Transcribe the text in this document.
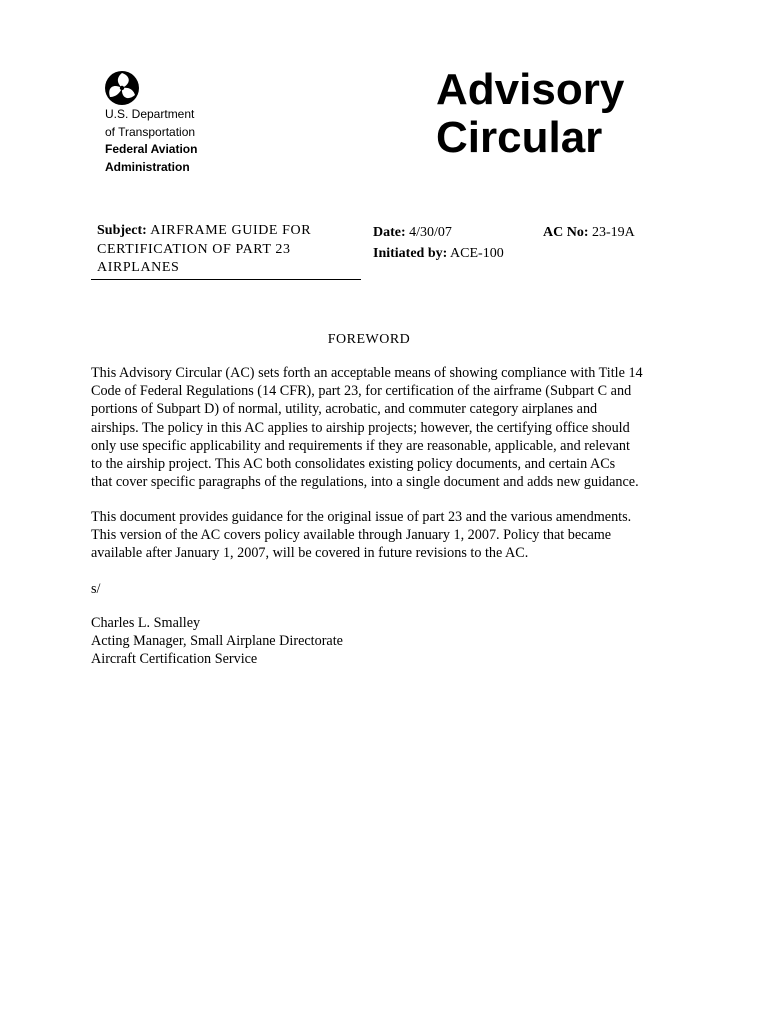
U.S. Department
of Transportation
Federal Aviation
Administration
Advisory
Circular
Subject: AIRFRAME GUIDE FOR
CERTIFICATION OF PART 23
AIRPLANES
Date: 4/30/07
Initiated by: ACE-100
AC No: 23-19A
FOREWORD
This Advisory Circular (AC) sets forth an acceptable means of showing compliance with Title 14
Code of Federal Regulations (14 CFR), part 23, for certification of the airframe (Subpart C and
portions of Subpart D) of normal, utility, acrobatic, and commuter category airplanes and
airships. The policy in this AC applies to airship projects; however, the certifying office should
only use specific applicability and requirements if they are reasonable, applicable, and relevant
to the airship project. This AC both consolidates existing policy documents, and certain ACs
that cover specific paragraphs of the regulations, into a single document and adds new guidance.
This document provides guidance for the original issue of part 23 and the various amendments.
This version of the AC covers policy available through January 1, 2007. Policy that became
available after January 1, 2007, will be covered in future revisions to the AC.
s/
Charles L. Smalley
Acting Manager, Small Airplane Directorate
Aircraft Certification Service
